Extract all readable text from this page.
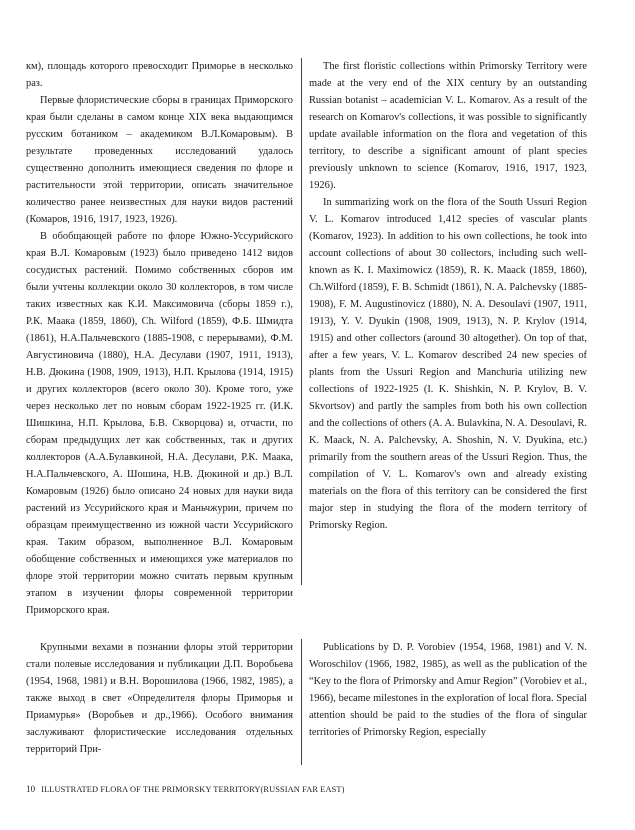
км), площадь которого превосходит Приморье в несколько раз.

Первые флористические сборы в границах Приморского края были сделаны в самом конце XIX века выдающимся русским ботаником – академиком В.Л.Комаровым). В результате проведенных исследований удалось существенно дополнить имеющиеся сведения по флоре и растительности этой территории, описать значительное количество ранее неизвестных для науки видов растений (Комаров, 1916, 1917, 1923, 1926).

В обобщающей работе по флоре Южно-Уссурийского края В.Л. Комаровым (1923) было приведено 1412 видов сосудистых растений. Помимо собственных сборов им были учтены коллекции около 30 коллекторов, в том числе таких известных как К.И. Максимовича (сборы 1859 г.), Р.К. Маака (1859, 1860), Ch. Wilford (1859), Ф.Б. Шмидта (1861), Н.А.Пальчевского (1885-1908, с перерывами), Ф.М. Августиновича (1880), Н.А. Десулави (1907, 1911, 1913), Н.В. Дюкина (1908, 1909, 1913), Н.П. Крылова (1914, 1915) и других коллекторов (всего около 30). Кроме того, уже через несколько лет по новым сборам 1922-1925 гг. (И.К. Шишкина, Н.П. Крылова, Б.В. Скворцова) и, отчасти, по сборам предыдущих лет как собственных, так и других коллекторов (А.А.Булавкиной, Н.А. Десулави, Р.К. Маака, Н.А.Пальчевского, А. Шошина, Н.В. Дюкиной и др.) В.Л. Комаровым (1926) было описано 24 новых для науки вида растений из Уссурийского края и Маньчжурии, причем по образцам преимущественно из южной части Уссурийского края. Таким образом, выполненное В.Л. Комаровым обобщение собственных и имеющихся уже материалов по флоре этой территории можно считать первым крупным этапом в изучении флоры современной территории Приморского края.

The first floristic collections within Primorsky Territory were made at the very end of the XIX century by an outstanding Russian botanist – academician V. L. Komarov. As a result of the research on Komarov's collections, it was possible to significantly update available information on the flora and vegetation of this territory, to describe a significant amount of plant species previously unknown to science (Komarov, 1916, 1917, 1923, 1926).

In summarizing work on the flora of the South Ussuri Region V. L. Komarov introduced 1,412 species of vascular plants (Komarov, 1923). In addition to his own collections, he took into account collections of about 30 collectors, including such well-known as K. I. Maximowicz (1859), R. K. Maack (1859, 1860), Ch.Wilford (1859), F. B. Schmidt (1861), N. A. Palchevsky (1885-1908), F. M. Augustinovicz (1880), N. A. Desoulavi (1907, 1911, 1913), Y. V. Dyukin (1908, 1909, 1913), N. P. Krylov (1914, 1915) and other collectors (around 30 altogether). On top of that, after a few years, V. L. Komarov described 24 new species of plants from the Ussuri Region and Manchuria utilizing new collections of 1922-1925 (I. K. Shishkin, N. P. Krylov, B. V. Skvortsov) and partly the samples from both his own collection and the collections of others (A. A. Bulavkina, N. A. Desoulavi, R. K. Maack, N. A. Palchevsky, A. Shoshin, N. V. Dyukina, etc.) primarily from the southern areas of the Ussuri Region. Thus, the compilation of V. L. Komarov's own and already existing materials on the flora of this territory can be considered the first major step in studying the flora of the modern territory of Primorsky Region.

Крупными вехами в познании флоры этой территории стали полевые исследования и публикации Д.П. Воробьева (1954, 1968, 1981) и В.Н. Ворошилова (1966, 1982, 1985), а также выход в свет «Определителя флоры Приморья и Приамурья» (Воробьев и др.,1966). Особого внимания заслуживают флористические исследования отдельных территорий При-

Publications by D. P. Vorobiev (1954, 1968, 1981) and V. N. Woroschilov (1966, 1982, 1985), as well as the publication of the “Key to the flora of Primorsky and Amur Region” (Vorobiev et al., 1966), became milestones in the exploration of local flora. Special attention should be paid to the studies of the flora of singular territories of Primorsky Region, especially

10 ILLUSTRATED FLORA OF THE PRIMORSKY TERRITORY(RUSSIAN FAR EAST)
